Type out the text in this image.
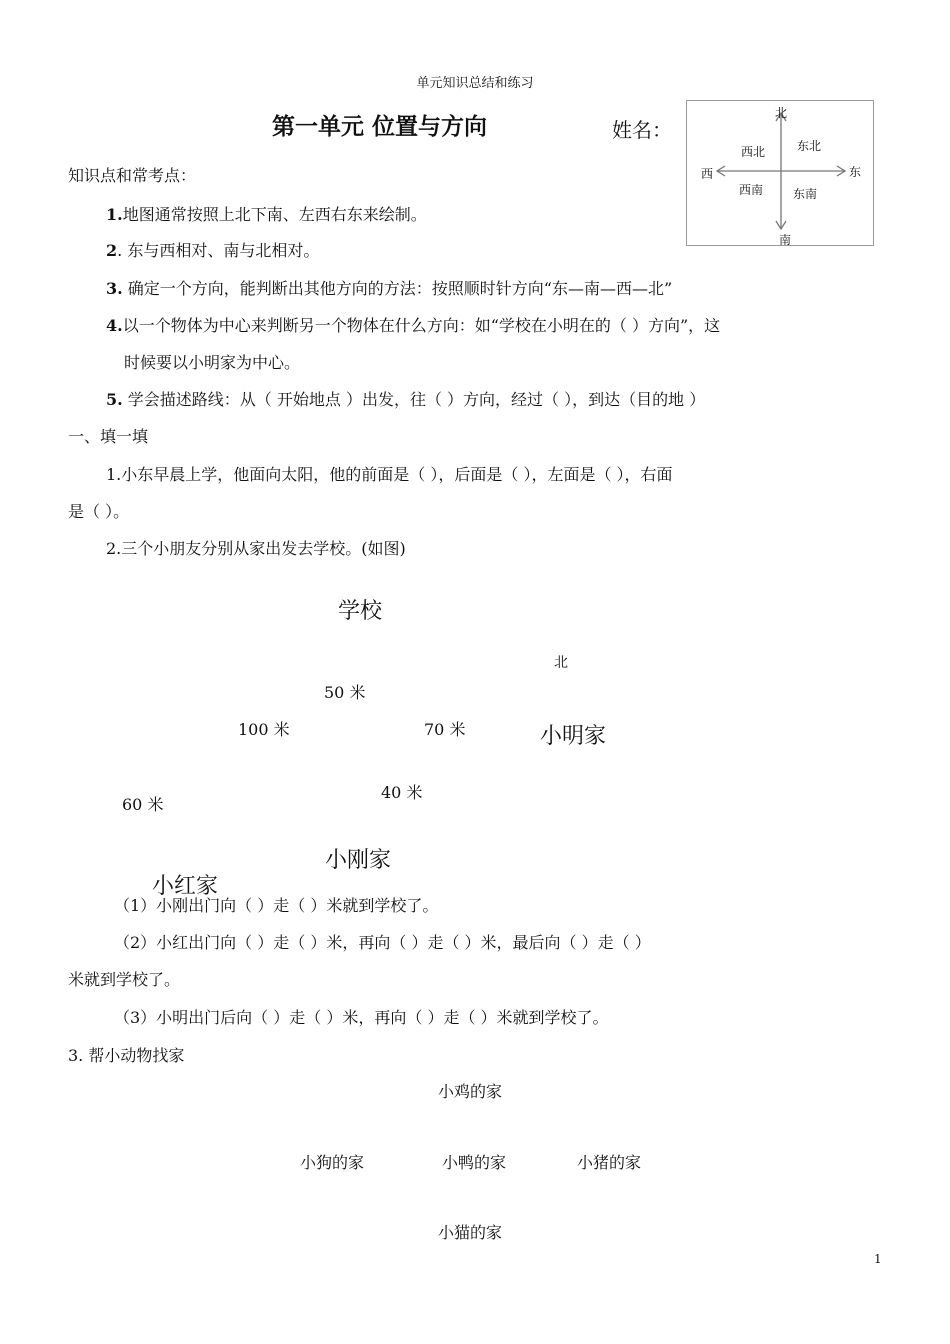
单元知识总结和练习
第一单元 位置与方向	姓名：
北
南
东
西
西北	东北
西南 东南
知识点和常考点：
1.地图通常按照上北下南、左西右东来绘制。
2. 东与西相对、南与北相对。
3. 确定一个方向，能判断出其他方向的方法：按照顺时针方向“东—南—西—北”
4.以一个物体为中心来判断另一个物体在什么方向：如“学校在小明在的（ ）方向”，这
时候要以小明家为中心。
5. 学会描述路线：从（ 开始地点 ）出发，往（ ）方向，经过（ ），到达（目的地 ）
一、填一填
1.小东早晨上学，他面向太阳，他的前面是（ ），后面是（ ），左面是（ ），右面
是（ ）。
2.三个小朋友分别从家出发去学校。(如图)
学校
北
50 米
100 米	70 米	小明家
40 米
60 米
小刚家
小红家
（1）小刚出门向（ ）走（ ）米就到学校了。
（2）小红出门向（ ）走（ ）米，再向（ ）走（ ）米，最后向（ ）走（ ）
米就到学校了。
（3）小明出门后向（ ）走（ ）米，再向（ ）走（ ）米就到学校了。
3. 帮小动物找家
小鸡的家
小狗的家	小鸭的家	小猪的家
小猫的家
1
